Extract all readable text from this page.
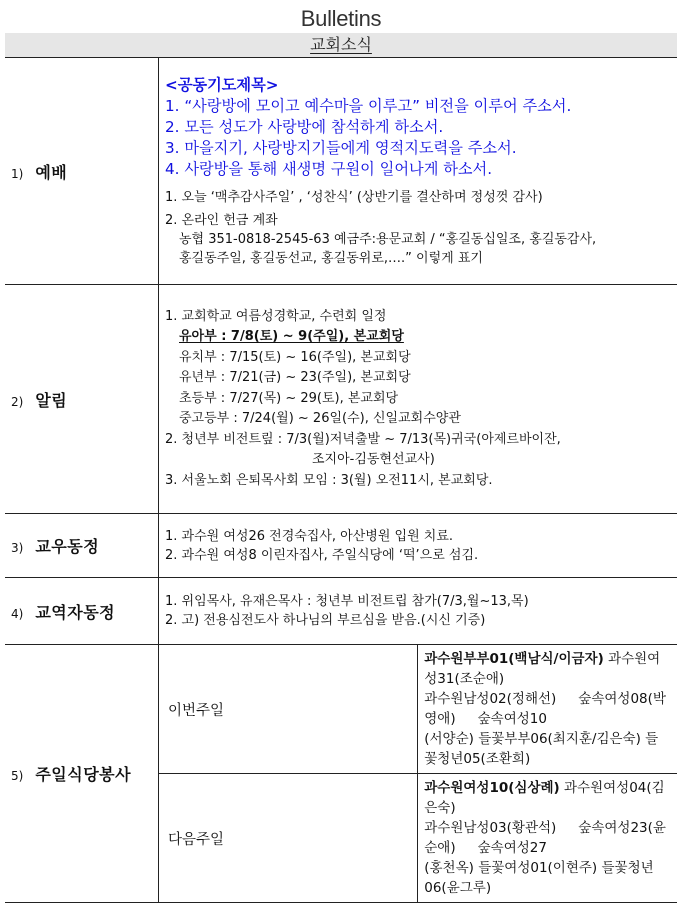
Bulletins
교회소식
1) 예배	
<공동기도제목>
1. “사랑방에 모이고 예수마을 이루고” 비전을 이루어 주소서.
2. 모든 성도가 사랑방에 참석하게 하소서.
3. 마을지기, 사랑방지기들에게 영적지도력을 주소서.
4. 사랑방을 통해 새생명 구원이 일어나게 하소서.
1. 오늘 ‘맥추감사주일’ , ‘성찬식’ (상반기를 결산하며 정성껏 감사)
2. 온라인 헌금 계좌
농협 351-0818-2545-63 예금주:용문교회 / “홍길동십일조, 홍길동감사,
홍길동주일, 홍길동선교, 홍길동위로,….” 이렇게 표기

2) 알림	
1. 교회학교 여름성경학교, 수련회 일정
유아부 : 7/8(토) ~ 9(주일), 본교회당
유치부 : 7/15(토) ~ 16(주일), 본교회당
유년부 : 7/21(금) ~ 23(주일), 본교회당
초등부 : 7/27(목) ~ 29(토), 본교회당
중고등부 : 7/24(월) ~ 26일(수), 신일교회수양관
2. 청년부 비전트맆 : 7/3(월)저녁출발 ~ 7/13(목)귀국(아제르바이잔,
조지아-김동현선교사)
3. 서울노회 은퇴목사회 모임 : 3(월) 오전11시, 본교회당.

3) 교우동정	1. 과수원 여성26 전경숙집사, 아산병원 입원 치료.
2. 과수원 여성8 이린자집사, 주일식당에 ‘떡’으로 섬김.	

4) 교역자동정	1. 위임목사, 유재은목사 : 청년부 비전트립 참가(7/3,월~13,목)
2. 고) 전용심전도사 하나님의 부르심을 받음.(시신 기증)	

5) 주일식당봉사	이번주일	과수원부부01(백남식/이금자) 과수원여성31(조순애)
과수원남성02(정해선) 숲속여성08(박영애) 숲속여성10
(서양순) 들꽃부부06(최지훈/김은숙) 들꽃청년05(조환희)

	다음주일	과수원여성10(심상례) 과수원여성04(김은숙)
과수원남성03(황관석) 숲속여성23(윤순애) 숲속여성27
(홍천옥) 들꽃여성01(이현주) 들꽃청년06(윤그루)
